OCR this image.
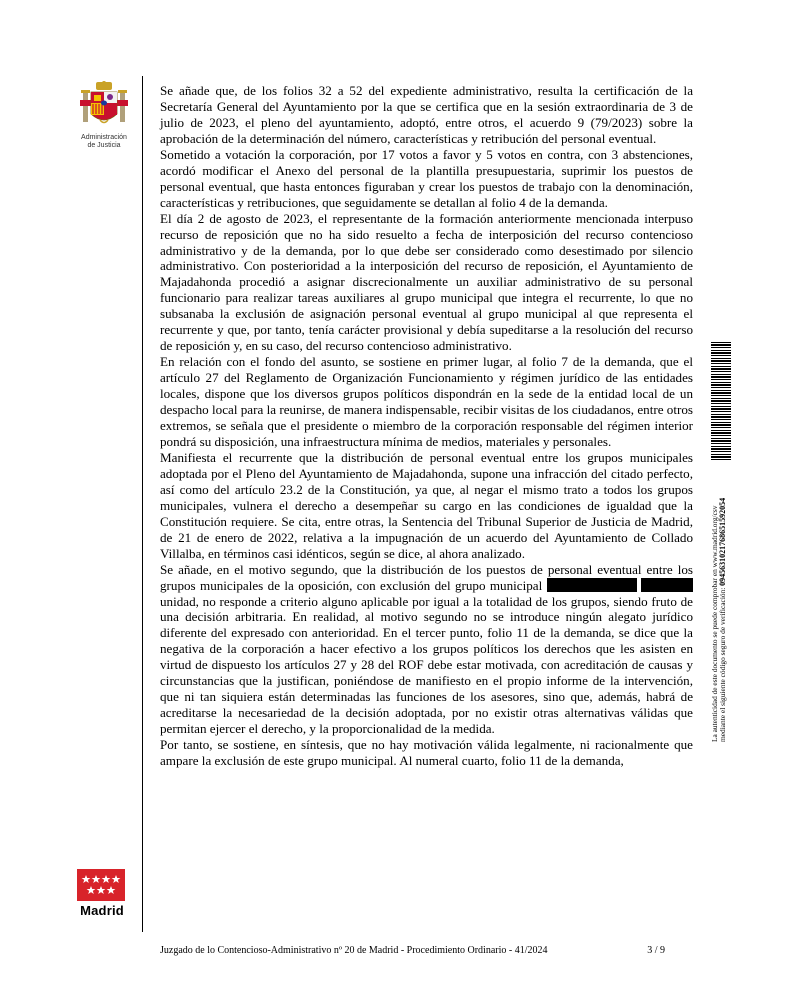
Administración
de Justicia

Se añade que, de los folios 32 a 52 del expediente administrativo, resulta la certificación de la Secretaría General del Ayuntamiento por la que se certifica que en la sesión extraordinaria de 3 de julio de 2023, el pleno del ayuntamiento, adoptó, entre otros, el acuerdo 9 (79/2023) sobre la aprobación de la determinación del número, características y retribución del personal eventual.

Sometido a votación la corporación, por 17 votos a favor y 5 votos en contra, con 3 abstenciones, acordó modificar el Anexo del personal de la plantilla presupuestaria, suprimir los puestos de personal eventual, que hasta entonces figuraban y crear los puestos de trabajo con la denominación, características y retribuciones, que seguidamente se detallan al folio 4 de la demanda.

El día 2 de agosto de 2023, el representante de la formación anteriormente mencionada interpuso recurso de reposición que no ha sido resuelto a fecha de interposición del recurso contencioso administrativo y de la demanda, por lo que debe ser considerado como desestimado por silencio administrativo. Con posterioridad a la interposición del recurso de reposición, el Ayuntamiento de Majadahonda procedió a asignar discrecionalmente un auxiliar administrativo de su personal funcionario para realizar tareas auxiliares al grupo municipal que integra el recurrente, lo que no subsanaba la exclusión de asignación personal eventual al grupo municipal al que representa el recurrente y que, por tanto, tenía carácter provisional y debía supeditarse a la resolución del recurso de reposición y, en su caso, del recurso contencioso administrativo.

En relación con el fondo del asunto, se sostiene en primer lugar, al folio 7 de la demanda, que el artículo 27 del Reglamento de Organización Funcionamiento y régimen jurídico de las entidades locales, dispone que los diversos grupos políticos dispondrán en la sede de la entidad local de un despacho local para la reunirse, de manera indispensable, recibir visitas de los ciudadanos, entre otros extremos, se señala que el presidente o miembro de la corporación responsable del régimen interior pondrá su disposición, una infraestructura mínima de medios, materiales y personales.

Manifiesta el recurrente que la distribución de personal eventual entre los grupos municipales adoptada por el Pleno del Ayuntamiento de Majadahonda, supone una infracción del citado perfecto, así como del artículo 23.2 de la Constitución, ya que, al negar el mismo trato a todos los grupos municipales, vulnera el derecho a desempeñar su cargo en las condiciones de igualdad que la Constitución requiere. Se cita, entre otras, la Sentencia del Tribunal Superior de Justicia de Madrid, de 21 de enero de 2022, relativa a la impugnación de un acuerdo del Ayuntamiento de Collado Villalba, en términos casi idénticos, según se dice, al ahora analizado.

Se añade, en el motivo segundo, que la distribución de los puestos de personal eventual entre los grupos municipales de la oposición, con exclusión del grupo municipal   unidad, no responde a criterio alguno aplicable por igual a la totalidad de los grupos, siendo fruto de una decisión arbitraria. En realidad, al motivo segundo no se introduce ningún alegato jurídico diferente del expresado con anterioridad. En el tercer punto, folio 11 de la demanda, se dice que la negativa de la corporación a hacer efectivo a los grupos políticos los derechos que les asisten en virtud de dispuesto los artículos 27 y 28 del ROF debe estar motivada, con acreditación de causas y circunstancias que la justifican, poniéndose de manifiesto en el propio informe de la intervención, que ni tan siquiera están determinadas las funciones de los asesores, sino que, además, habrá de acreditarse la necesariedad de la decisión adoptada, por no existir otras alternativas válidas que permitan ejercer el derecho, y la proporcionalidad de la medida.

Por tanto, se sostiene, en síntesis, que no hay motivación válida legalmente, ni racionalmente que ampare la exclusión de este grupo municipal. Al numeral cuarto, folio 11 de la demanda,

La autenticidad de este documento se puede comprobar en www.madrid.org/csv mediante el siguiente código seguro de verificación: 0945631021768651592054
Madrid
Juzgado de lo Contencioso-Administrativo nº 20 de Madrid - Procedimiento Ordinario - 41/2024	3 / 9
